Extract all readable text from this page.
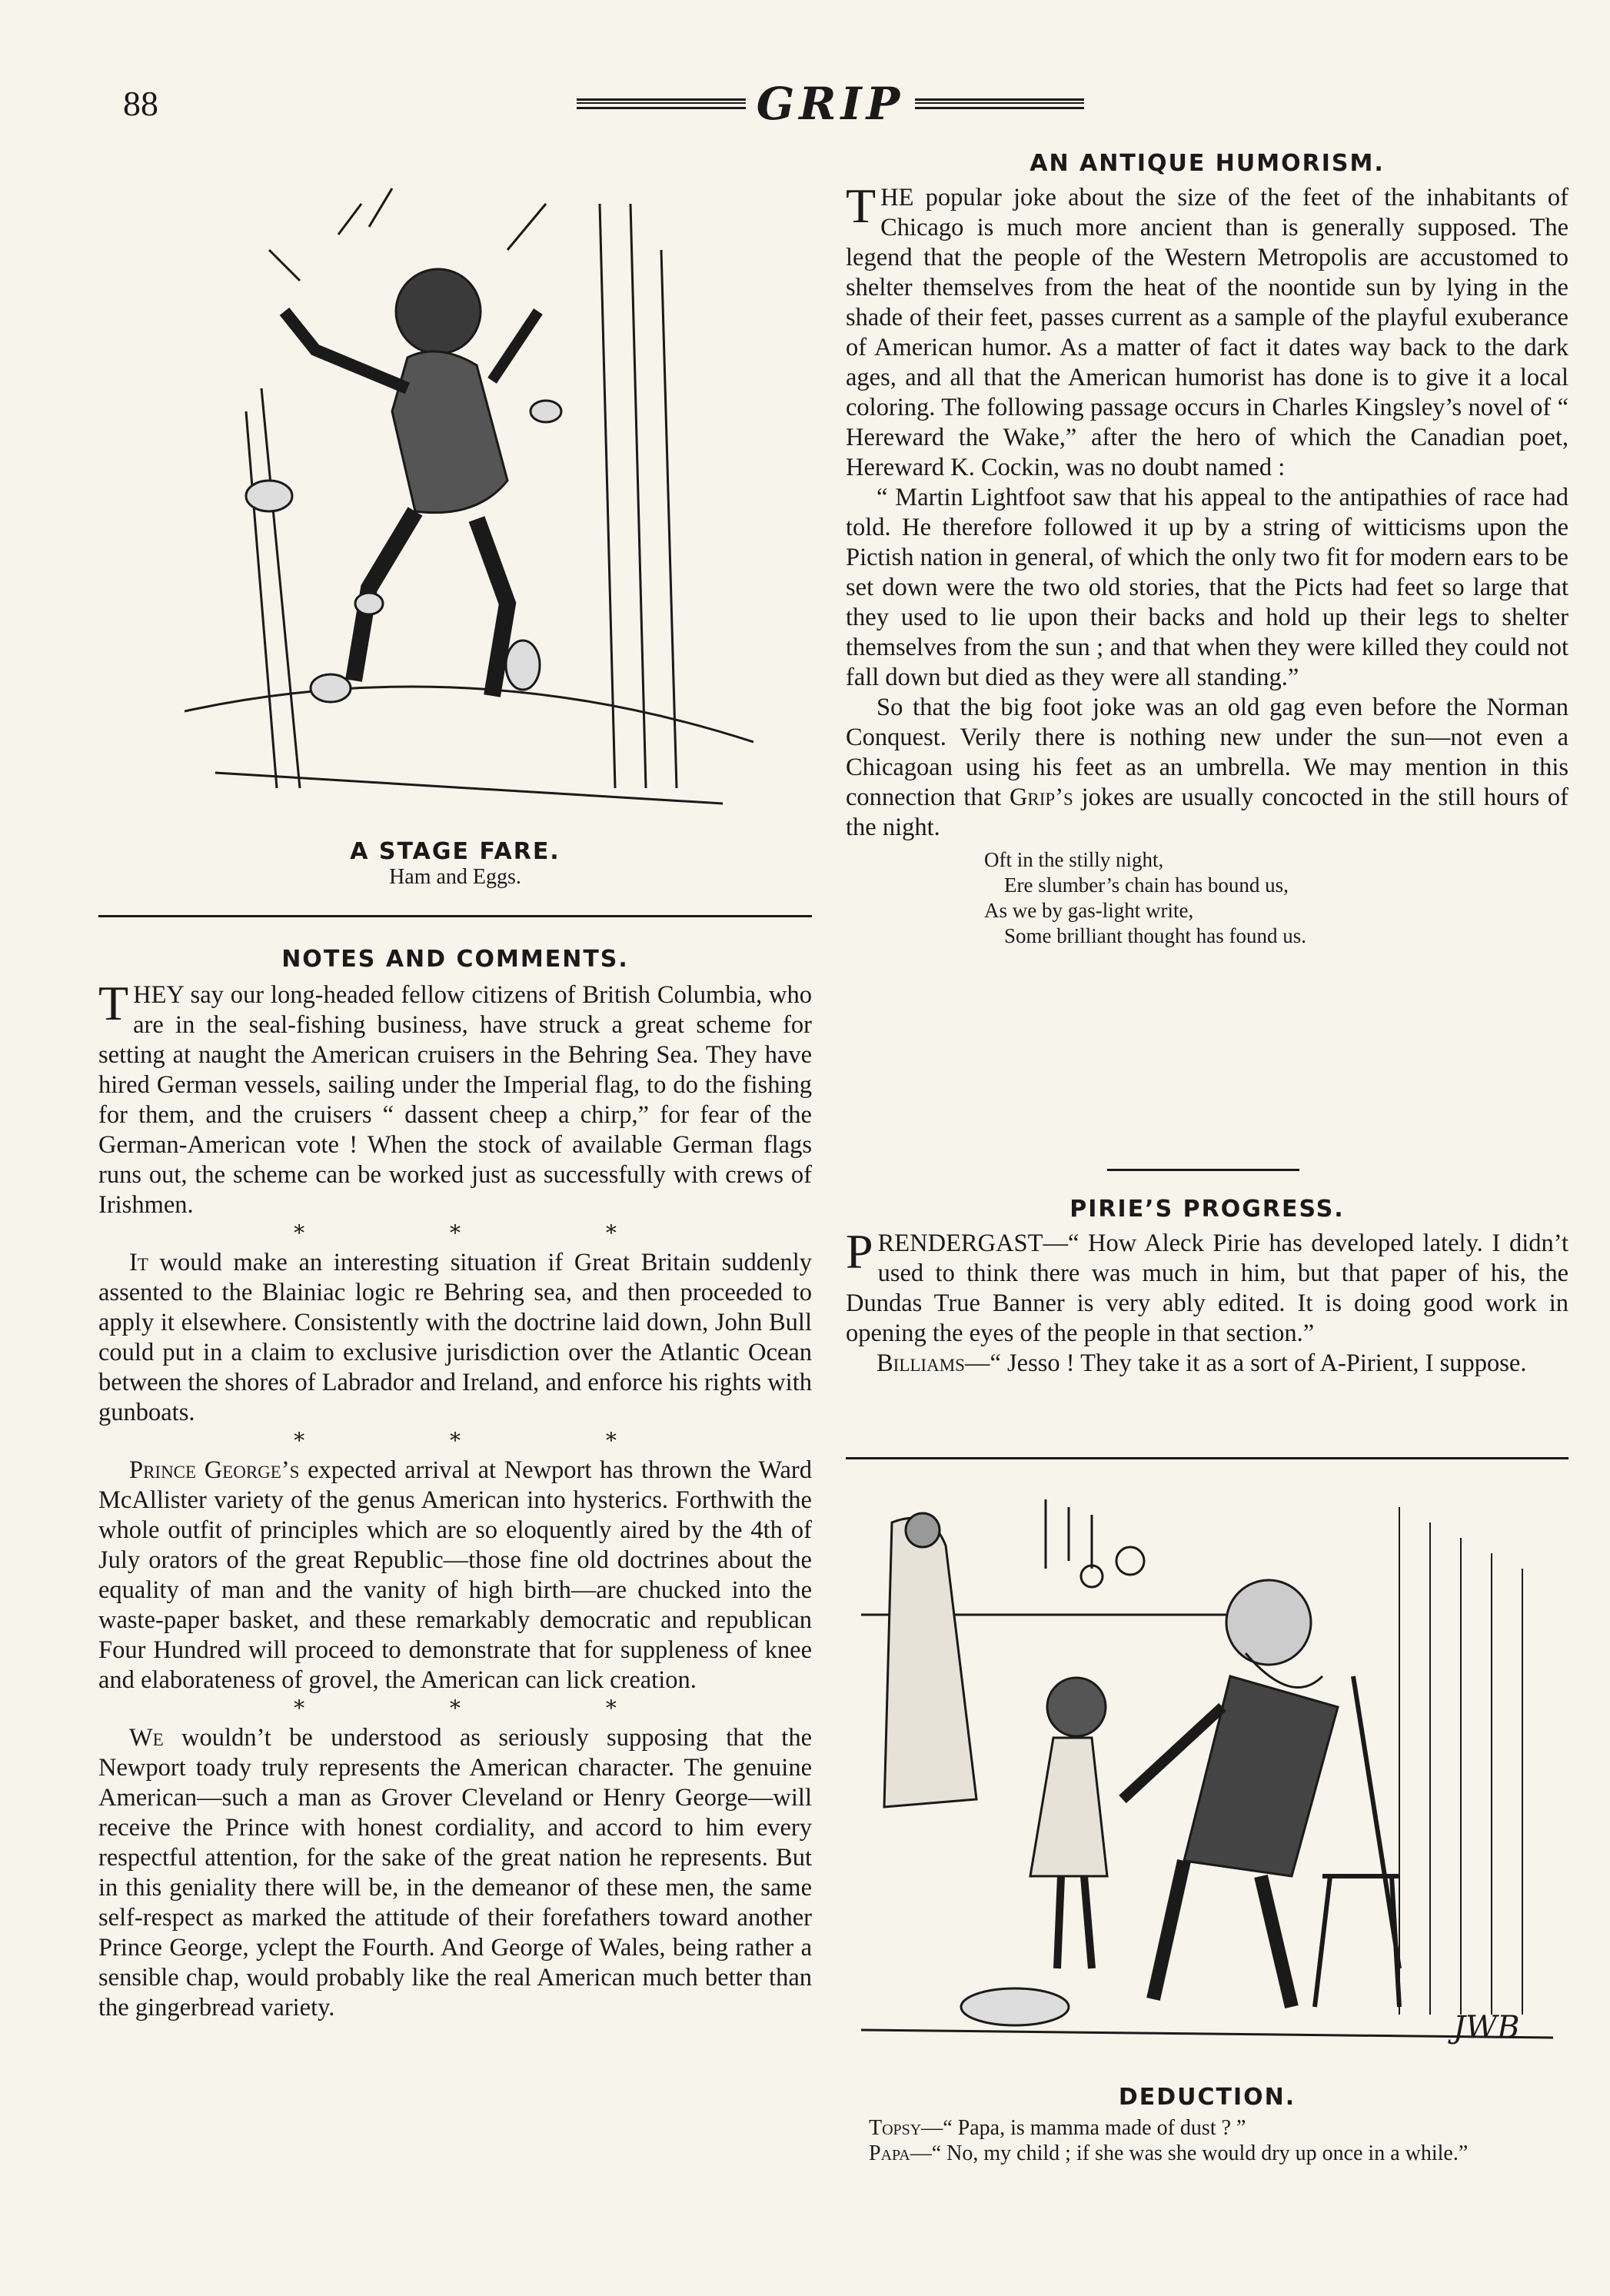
88	GRIP
A STAGE FARE.
Ham and Eggs.
NOTES AND COMMENTS.

THEY say our long-headed fellow citizens of British Columbia, who are in the seal-fishing business, have struck a great scheme for setting at naught the American cruisers in the Behring Sea. They have hired German vessels, sailing under the Imperial flag, to do the fishing for them, and the cruisers “ dassent cheep a chirp,” for fear of the German-American vote ! When the stock of available German flags runs out, the scheme can be worked just as successfully with crews of Irishmen.

* * *

It would make an interesting situation if Great Britain suddenly assented to the Blainiac logic re Behring sea, and then proceeded to apply it elsewhere. Consistently with the doctrine laid down, John Bull could put in a claim to exclusive jurisdiction over the Atlantic Ocean between the shores of Labrador and Ireland, and enforce his rights with gunboats.

* * *

Prince George’s expected arrival at Newport has thrown the Ward McAllister variety of the genus American into hysterics. Forthwith the whole outfit of principles which are so eloquently aired by the 4th of July orators of the great Republic—those fine old doctrines about the equality of man and the vanity of high birth—are chucked into the waste-paper basket, and these remarkably democratic and republican Four Hundred will proceed to demonstrate that for suppleness of knee and elaborateness of grovel, the American can lick creation.

* * *

We wouldn’t be understood as seriously supposing that the Newport toady truly represents the American character. The genuine American—such a man as Grover Cleveland or Henry George—will receive the Prince with honest cordiality, and accord to him every respectful attention, for the sake of the great nation he represents. But in this geniality there will be, in the demeanor of these men, the same self-respect as marked the attitude of their forefathers toward another Prince George, yclept the Fourth. And George of Wales, being rather a sensible chap, would probably like the real American much better than the gingerbread variety.

AN ANTIQUE HUMORISM.

THE popular joke about the size of the feet of the inhabitants of Chicago is much more ancient than is generally supposed. The legend that the people of the Western Metropolis are accustomed to shelter themselves from the heat of the noontide sun by lying in the shade of their feet, passes current as a sample of the playful exuberance of American humor. As a matter of fact it dates way back to the dark ages, and all that the American humorist has done is to give it a local coloring. The following passage occurs in Charles Kingsley’s novel of “ Hereward the Wake,” after the hero of which the Canadian poet, Hereward K. Cockin, was no doubt named :

“ Martin Lightfoot saw that his appeal to the antipathies of race had told. He therefore followed it up by a string of witticisms upon the Pictish nation in general, of which the only two fit for modern ears to be set down were the two old stories, that the Picts had feet so large that they used to lie upon their backs and hold up their legs to shelter themselves from the sun ; and that when they were killed they could not fall down but died as they were all standing.”

So that the big foot joke was an old gag even before the Norman Conquest. Verily there is nothing new under the sun—not even a Chicagoan using his feet as an umbrella. We may mention in this connection that Grip’s jokes are usually concocted in the still hours of the night.

Oft in the stilly night,
Ere slumber’s chain has bound us,
As we by gas-light write,
Some brilliant thought has found us.
PIRIE’S PROGRESS.

PRENDERGAST—“ How Aleck Pirie has developed lately. I didn’t used to think there was much in him, but that paper of his, the Dundas True Banner is very ably edited. It is doing good work in opening the eyes of the people in that section.”

Billiams—“ Jesso ! They take it as a sort of A-Pirient, I suppose.

JWB
DEDUCTION.
Topsy—“ Papa, is mamma made of dust ? ”
Papa—“ No, my child ; if she was she would dry up once in a while.”
